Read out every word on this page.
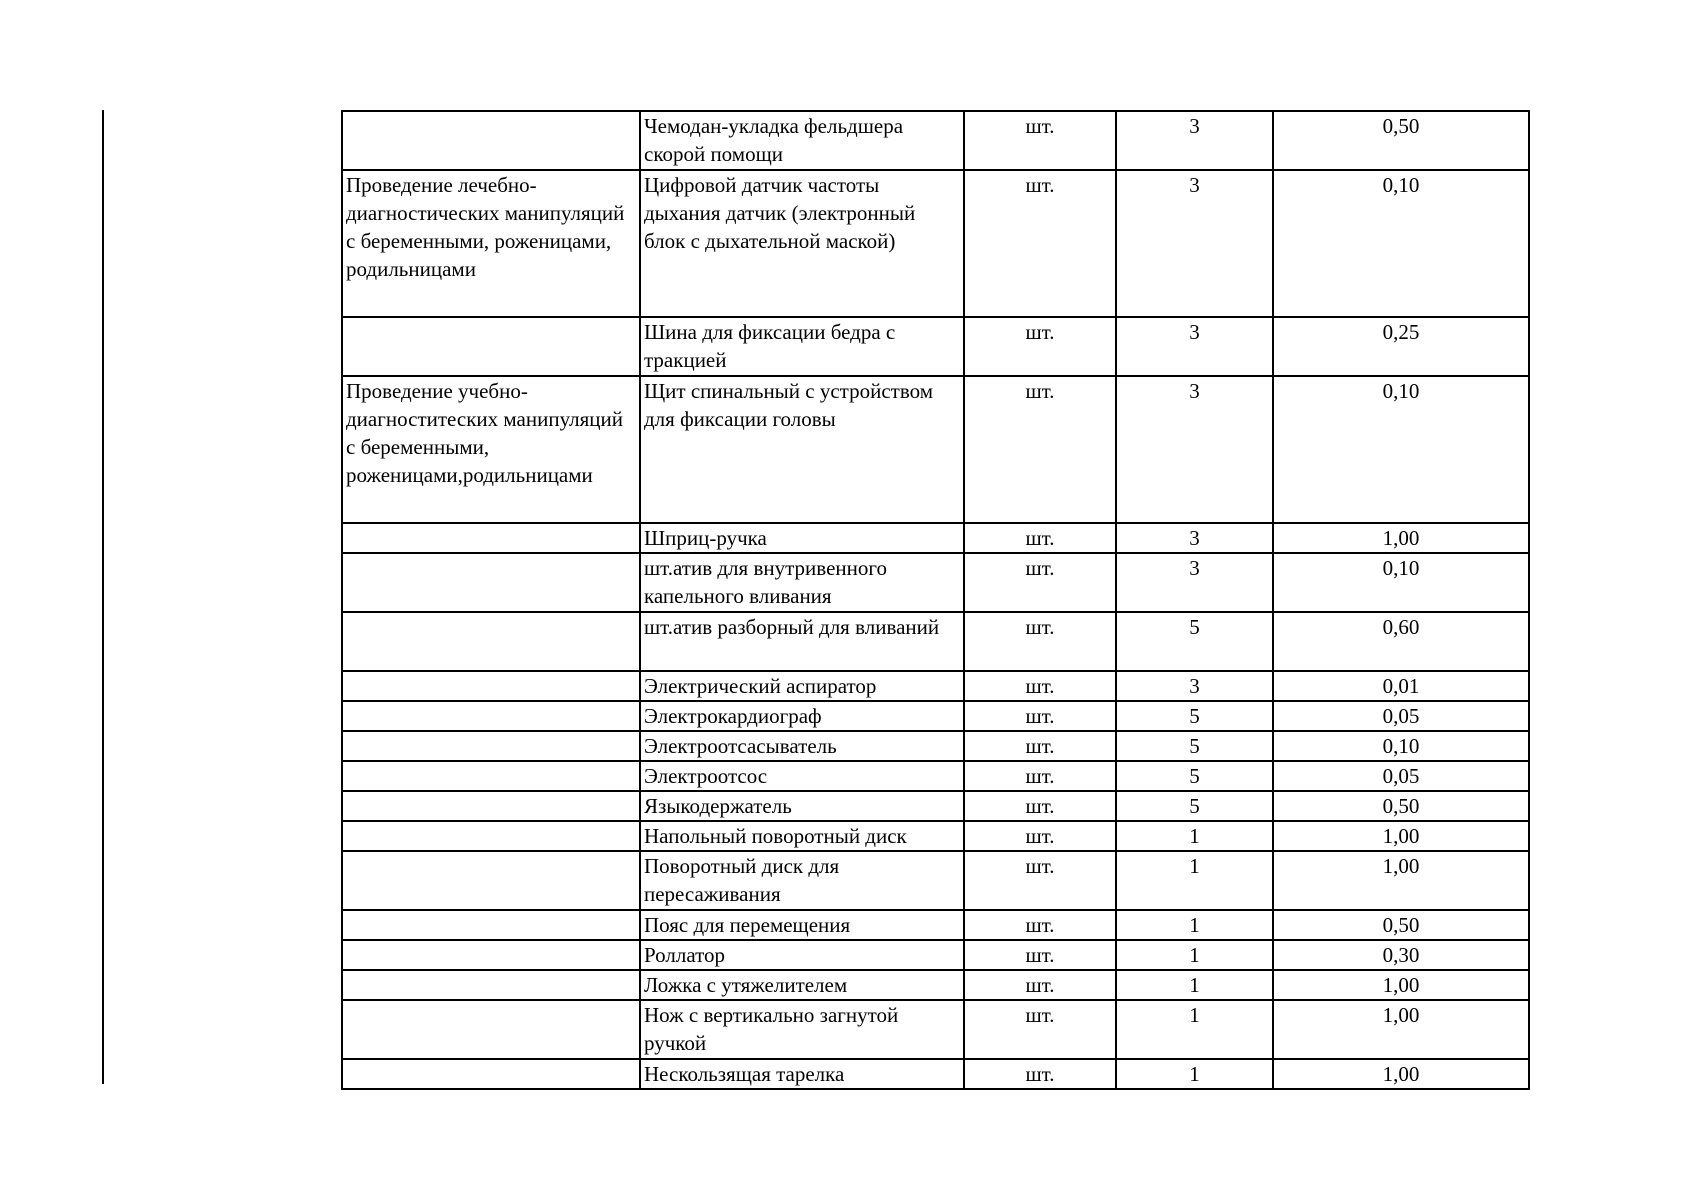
	Чемодан-укладка фельдшера скорой помощи	шт.	3	0,50
Проведение лечебно-диагностических манипуляций с беременными, роженицами, родильницами	Цифровой датчик частоты дыхания датчик (электронный блок с дыхательной маской)	шт.	3	0,10
	Шина для фиксации бедра с тракцией	шт.	3	0,25
Проведение учебно-диагноститеских манипуляций с беременными, роженицами,родильницами	Щит спинальный с устройством для фиксации головы	шт.	3	0,10
	Шприц-ручка	шт.	3	1,00
	шт.атив для внутривенного капельного вливания	шт.	3	0,10
	шт.атив разборный для вливаний	шт.	5	0,60
	Электрический аспиратор	шт.	3	0,01
	Электрокардиограф	шт.	5	0,05
	Электроотсасыватель	шт.	5	0,10
	Электроотсос	шт.	5	0,05
	Языкодержатель	шт.	5	0,50
	Напольный поворотный диск	шт.	1	1,00
	Поворотный диск для пересаживания	шт.	1	1,00
	Пояс для перемещения	шт.	1	0,50
	Роллатор	шт.	1	0,30
	Ложка с утяжелителем	шт.	1	1,00
	Нож с вертикально загнутой ручкой	шт.	1	1,00
	Нескользящая тарелка	шт.	1	1,00
